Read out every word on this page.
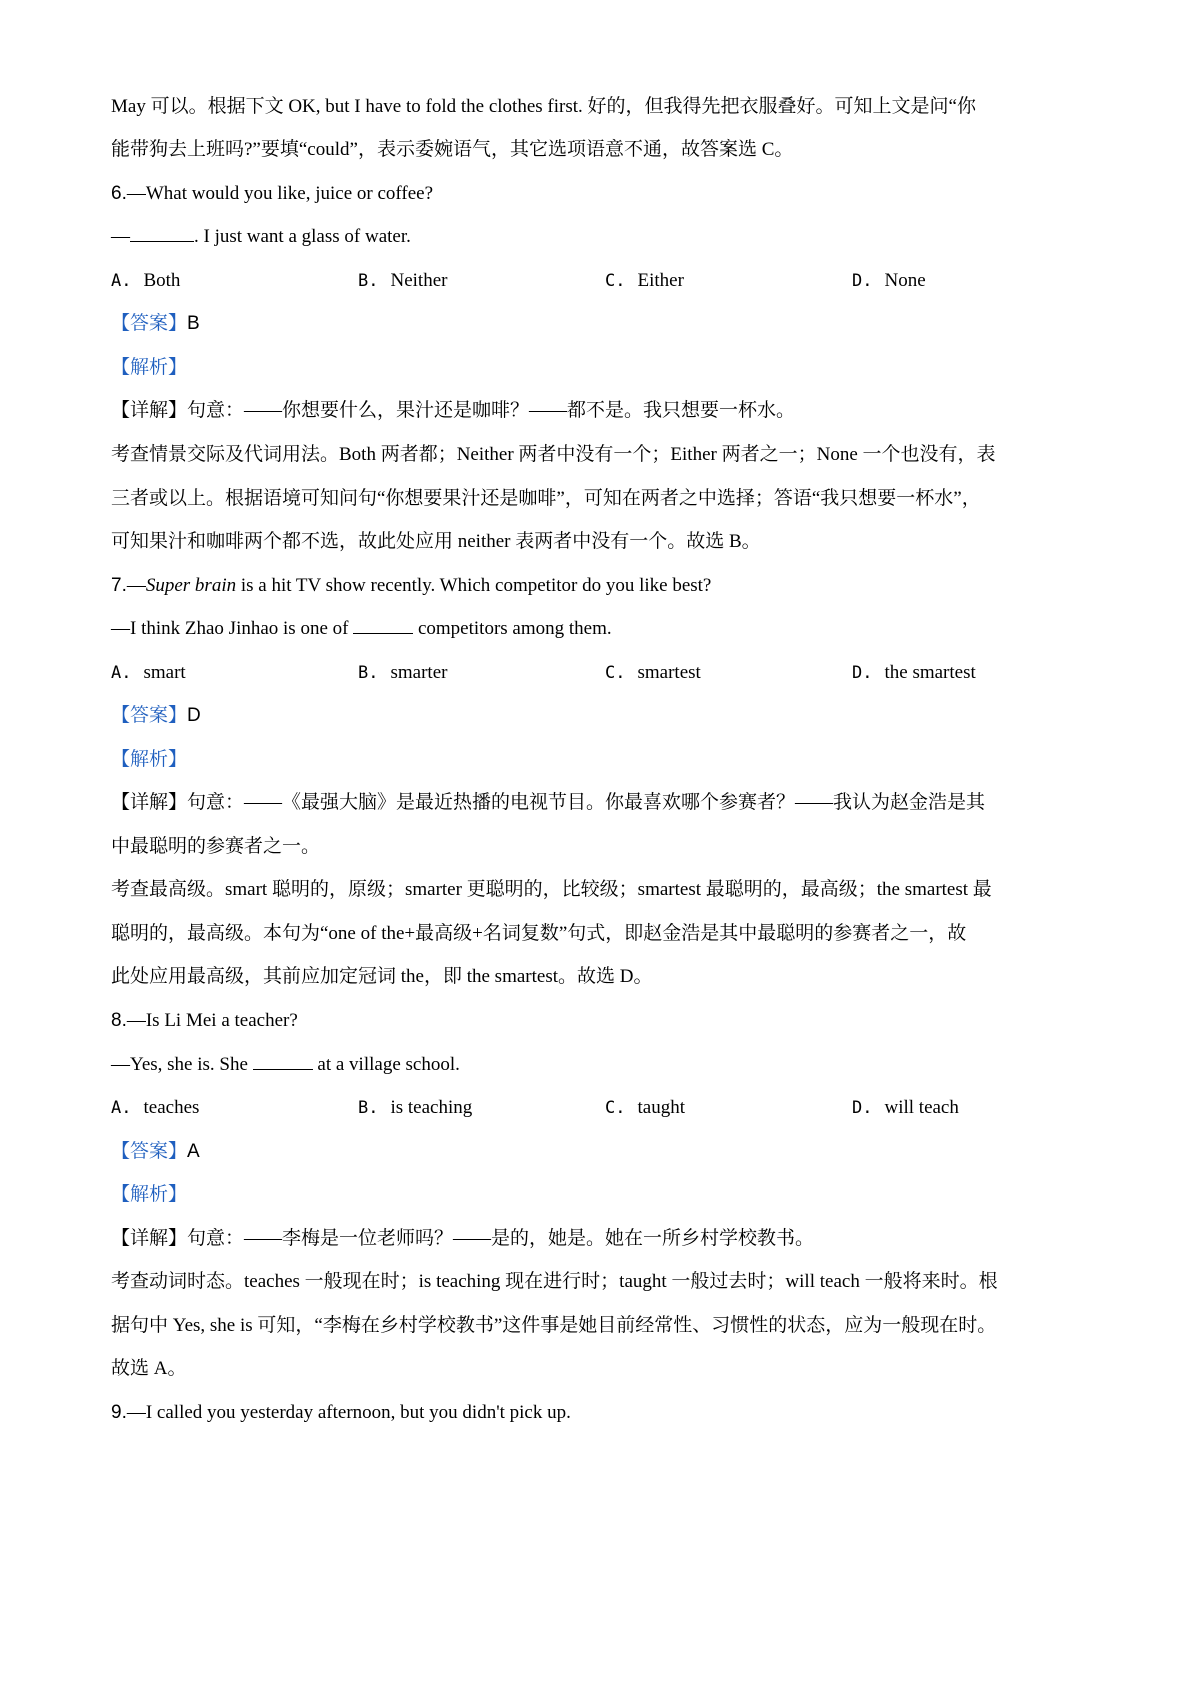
May 可以。根据下文 OK, but I have to fold the clothes first. 好的，但我得先把衣服叠好。可知上文是问“你
能带狗去上班吗?”要填“could”，表示委婉语气，其它选项语意不通，故答案选 C。
6.—What would you like, juice or coffee?
—	. I just want a glass of water.
A. Both	B. Neither	C. Either	D. None
【答案】B
【解析】
【详解】句意：——你想要什么，果汁还是咖啡？——都不是。我只想要一杯水。
考查情景交际及代词用法。Both 两者都；Neither 两者中没有一个；Either 两者之一；None 一个也没有，表
三者或以上。根据语境可知问句“你想要果汁还是咖啡”，可知在两者之中选择；答语“我只想要一杯水”，
可知果汁和咖啡两个都不选，故此处应用 neither 表两者中没有一个。故选 B。
7.—Super brain is a hit TV show recently. Which competitor do you like best?
—I think Zhao Jinhao is one of	competitors among them.
A. smart	B. smarter	C. smartest	D. the smartest
【答案】D
【解析】
【详解】句意：——《最强大脑》是最近热播的电视节目。你最喜欢哪个参赛者？——我认为赵金浩是其
中最聪明的参赛者之一。
考查最高级。smart 聪明的，原级；smarter 更聪明的，比较级；smartest 最聪明的，最高级；the smartest 最
聪明的，最高级。本句为“one of the+最高级+名词复数”句式，即赵金浩是其中最聪明的参赛者之一，故
此处应用最高级，其前应加定冠词 the，即 the smartest。故选 D。
8.—Is Li Mei a teacher?
—Yes, she is. She	at a village school.
A. teaches	B. is teaching	C. taught	D. will teach
【答案】A
【解析】
【详解】句意：——李梅是一位老师吗？——是的，她是。她在一所乡村学校教书。
考查动词时态。teaches 一般现在时；is teaching 现在进行时；taught 一般过去时；will teach 一般将来时。根
据句中 Yes, she is 可知，“李梅在乡村学校教书”这件事是她目前经常性、习惯性的状态，应为一般现在时。
故选 A。
9.—I called you yesterday afternoon, but you didn't pick up.
